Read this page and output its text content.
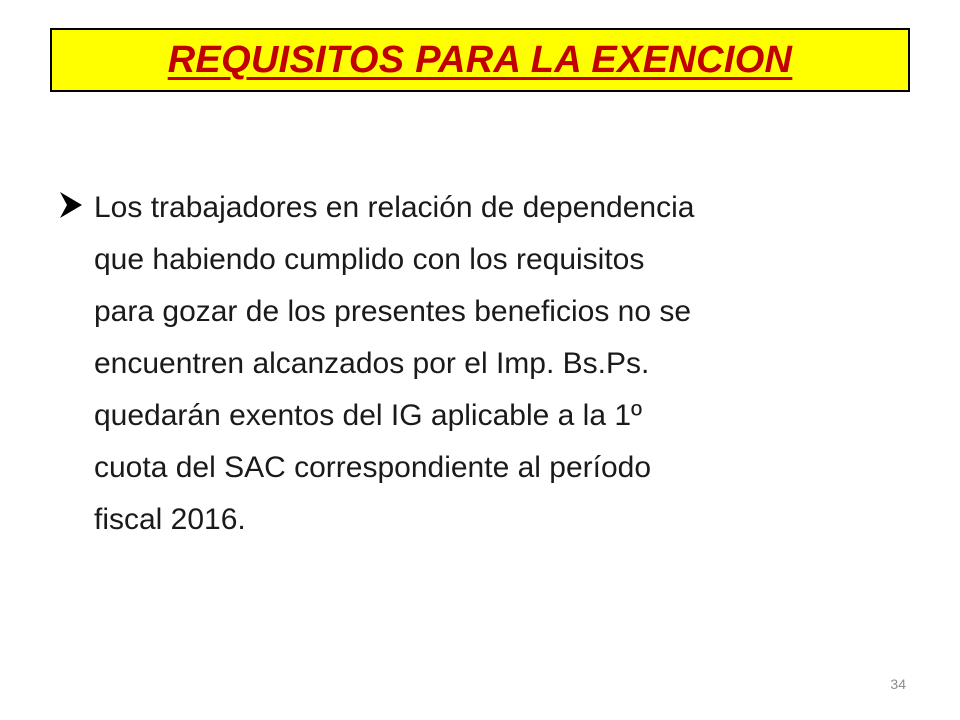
REQUISITOS PARA LA EXENCION
Los trabajadores en relación de dependencia
que habiendo cumplido con los requisitos
para gozar de los presentes beneficios no se
encuentren alcanzados por el Imp. Bs.Ps.
quedarán exentos del IG aplicable a la 1º
cuota del SAC correspondiente al período
fiscal 2016.
34
